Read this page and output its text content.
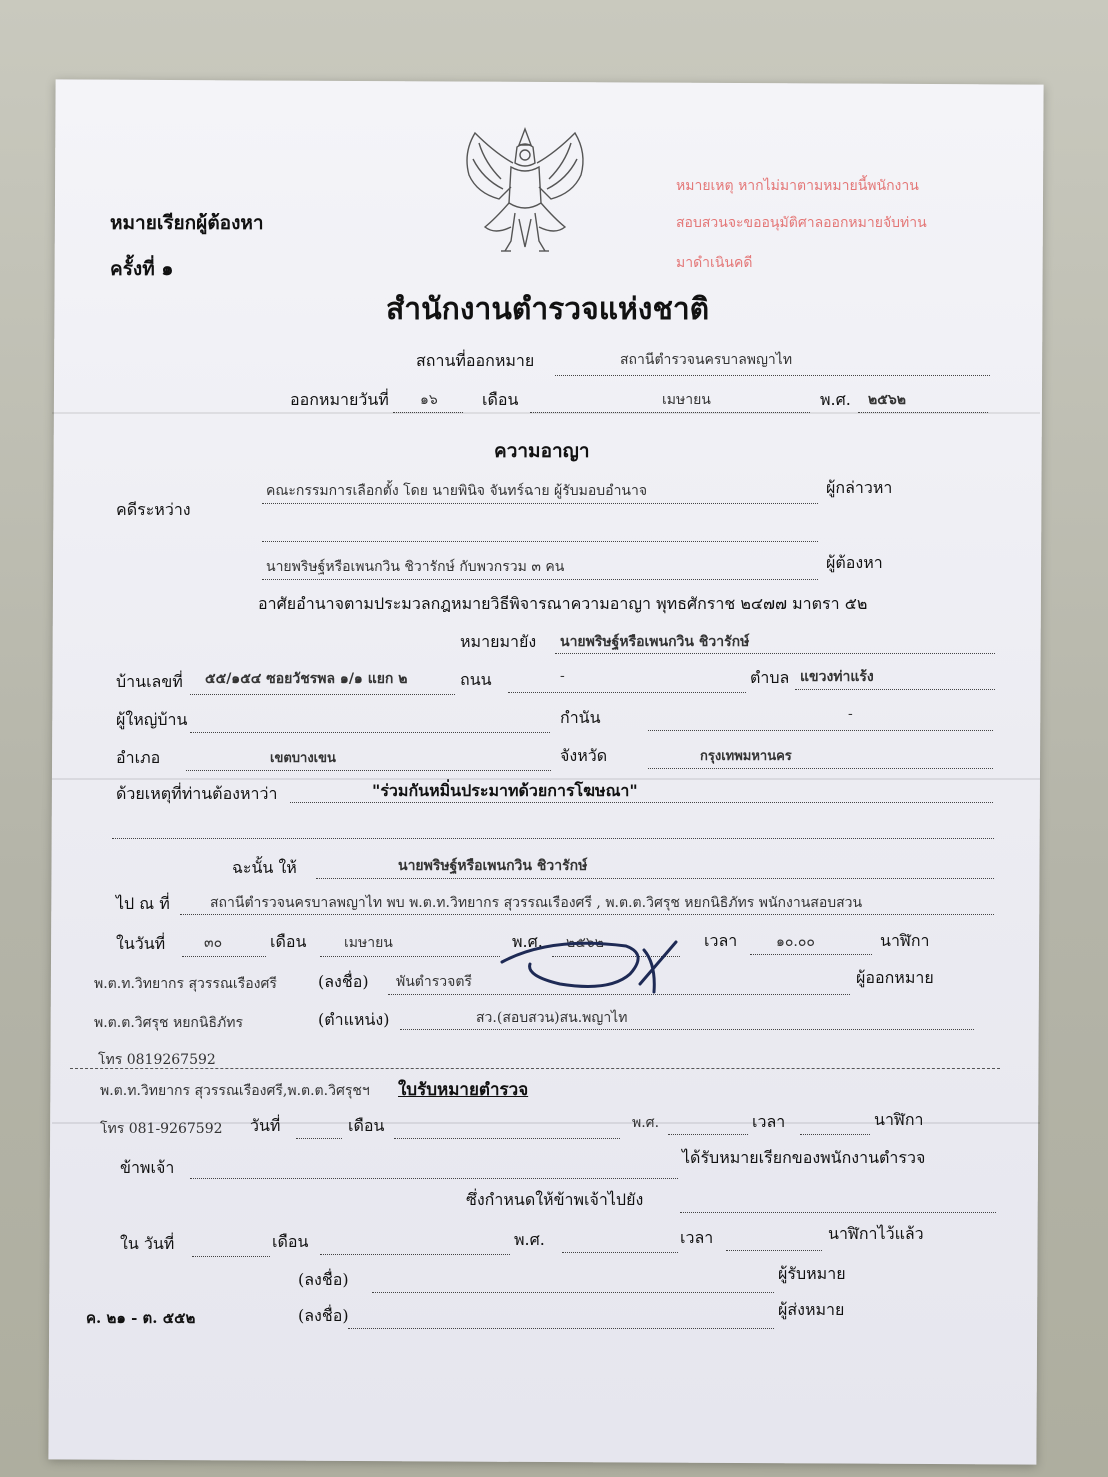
หมายเรียกผู้ต้องหา
ครั้งที่ ๑
สำนักงานตำรวจแห่งชาติ
หมายเหตุ หากไม่มาตามหมายนี้พนักงาน
สอบสวนจะขออนุมัติศาลออกหมายจับท่าน
มาดำเนินคดี
สถานที่ออกหมาย	สถานีตำรวจนครบาลพญาไท
ออกหมายวันที่ ๑๖	เดือน	เมษายน	พ.ศ. ๒๕๖๒
ความอาญา
คดีระหว่าง
คณะกรรมการเลือกตั้ง โดย นายพินิจ จันทร์ฉาย ผู้รับมอบอำนาจ	ผู้กล่าวหา
นายพริษฐ์หรือเพนกวิน ชิวารักษ์ กับพวกรวม ๓ คน	ผู้ต้องหา
อาศัยอำนาจตามประมวลกฎหมายวิธีพิจารณาความอาญา พุทธศักราช ๒๔๗๗ มาตรา ๕๒
หมายมายัง นายพริษฐ์หรือเพนกวิน ชิวารักษ์
บ้านเลขที่ ๕๕/๑๕๔ ซอยวัชรพล ๑/๑ แยก ๒	ถนน	-	ตำบล แขวงท่าแร้ง
ผู้ใหญ่บ้าน	กำนัน	-
อำเภอ	เขตบางเขน	จังหวัด	กรุงเทพมหานคร
ด้วยเหตุที่ท่านต้องหาว่า	"ร่วมกันหมิ่นประมาทด้วยการโฆษณา"
ฉะนั้น ให้	นายพริษฐ์หรือเพนกวิน ชิวารักษ์
ไป ณ ที่	สถานีตำรวจนครบาลพญาไท พบ พ.ต.ท.วิทยากร สุวรรณเรืองศรี , พ.ต.ต.วิศรุช หยกนิธิภัทร พนักงานสอบสวน
ในวันที่	๓๐	เดือน	เมษายน	พ.ศ. ๒๕๖๒	เวลา	๑๐.๐๐	นาฬิกา
พ.ต.ท.วิทยากร สุวรรณเรืองศรี	(ลงชื่อ) พันตำรวจตรี	ผู้ออกหมาย
พ.ต.ต.วิศรุช หยกนิธิภัทร	(ตำแหน่ง)	สว.(สอบสวน)สน.พญาไท
โทร 0819267592
พ.ต.ท.วิทยากร สุวรรณเรืองศรี,พ.ต.ต.วิศรุชฯ ใบรับหมายตำรวจ
โทร 081-9267592 วันที่	เดือน	พ.ศ.	เวลา	นาฬิกา
ข้าพเจ้า
ได้รับหมายเรียกของพนักงานตำรวจ
ซึ่งกำหนดให้ข้าพเจ้าไปยัง
ใน วันที่	เดือน	พ.ศ.	เวลา	นาฬิกาไว้แล้ว
(ลงชื่อ)	ผู้รับหมาย
ค. ๒๑ - ต. ๕๕๒	(ลงชื่อ)	ผู้ส่งหมาย
